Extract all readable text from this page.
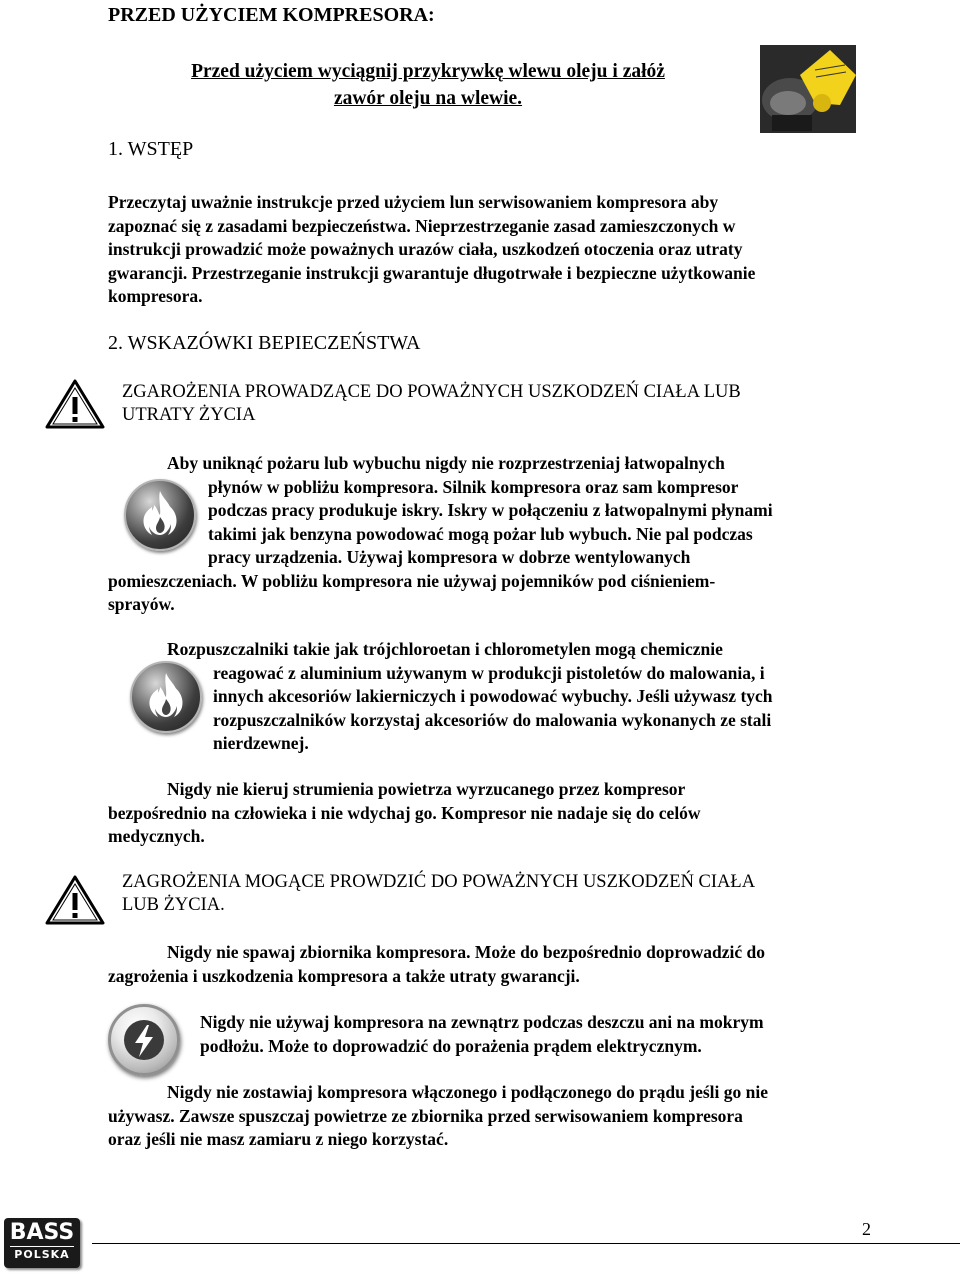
PRZED UŻYCIEM KOMPRESORA:
Przed użyciem wyciągnij przykrywkę wlewu oleju i załóż
zawór oleju na wlewie.
1. WSTĘP

Przeczytaj uważnie instrukcje przed użyciem lun serwisowaniem kompresora aby

zapoznać się z zasadami bezpieczeństwa. Nieprzestrzeganie zasad zamieszczonych w

instrukcji prowadzić może poważnych urazów ciała, uszkodzeń otoczenia oraz utraty

gwarancji. Przestrzeganie instrukcji gwarantuje długotrwałe i bezpieczne użytkowanie

kompresora.

2. WSKAZÓWKI BEPIECZEŃSTWA

ZGAROŻENIA PROWADZĄCE DO POWAŻNYCH USZKODZEŃ CIAŁA LUB

UTRATY ŻYCIA

Aby uniknąć pożaru lub wybuchu nigdy nie rozprzestrzeniaj łatwopalnych

płynów w pobliżu kompresora. Silnik kompresora oraz sam kompresor

podczas pracy produkuje iskry. Iskry w połączeniu z łatwopalnymi płynami

takimi jak benzyna powodować mogą pożar lub wybuch. Nie pal podczas

pracy urządzenia. Używaj kompresora w dobrze wentylowanych

pomieszczeniach. W pobliżu kompresora nie używaj pojemników pod ciśnieniem-

sprayów.

Rozpuszczalniki takie jak trójchloroetan i chlorometylen mogą chemicznie

reagować z aluminium używanym w produkcji pistoletów do malowania, i

innych akcesoriów lakierniczych i powodować wybuchy. Jeśli używasz tych

rozpuszczalników korzystaj akcesoriów do malowania wykonanych ze stali

nierdzewnej.

Nigdy nie kieruj strumienia powietrza wyrzucanego przez kompresor

bezpośrednio na człowieka i nie wdychaj go. Kompresor nie nadaje się do celów

medycznych.

ZAGROŻENIA MOGĄCE PROWDZIĆ DO POWAŻNYCH USZKODZEŃ CIAŁA

LUB ŻYCIA.

Nigdy nie spawaj zbiornika kompresora. Może do bezpośrednio doprowadzić do

zagrożenia i uszkodzenia kompresora a także utraty gwarancji.

Nigdy nie używaj kompresora na zewnątrz podczas deszczu ani na mokrym

podłożu. Może to doprowadzić do porażenia prądem elektrycznym.

Nigdy nie zostawiaj kompresora włączonego i podłączonego do prądu jeśli go nie

używasz. Zawsze spuszczaj powietrze ze zbiornika przed serwisowaniem kompresora

oraz jeśli nie masz zamiaru z niego korzystać.

BASS
POLSKA
2
